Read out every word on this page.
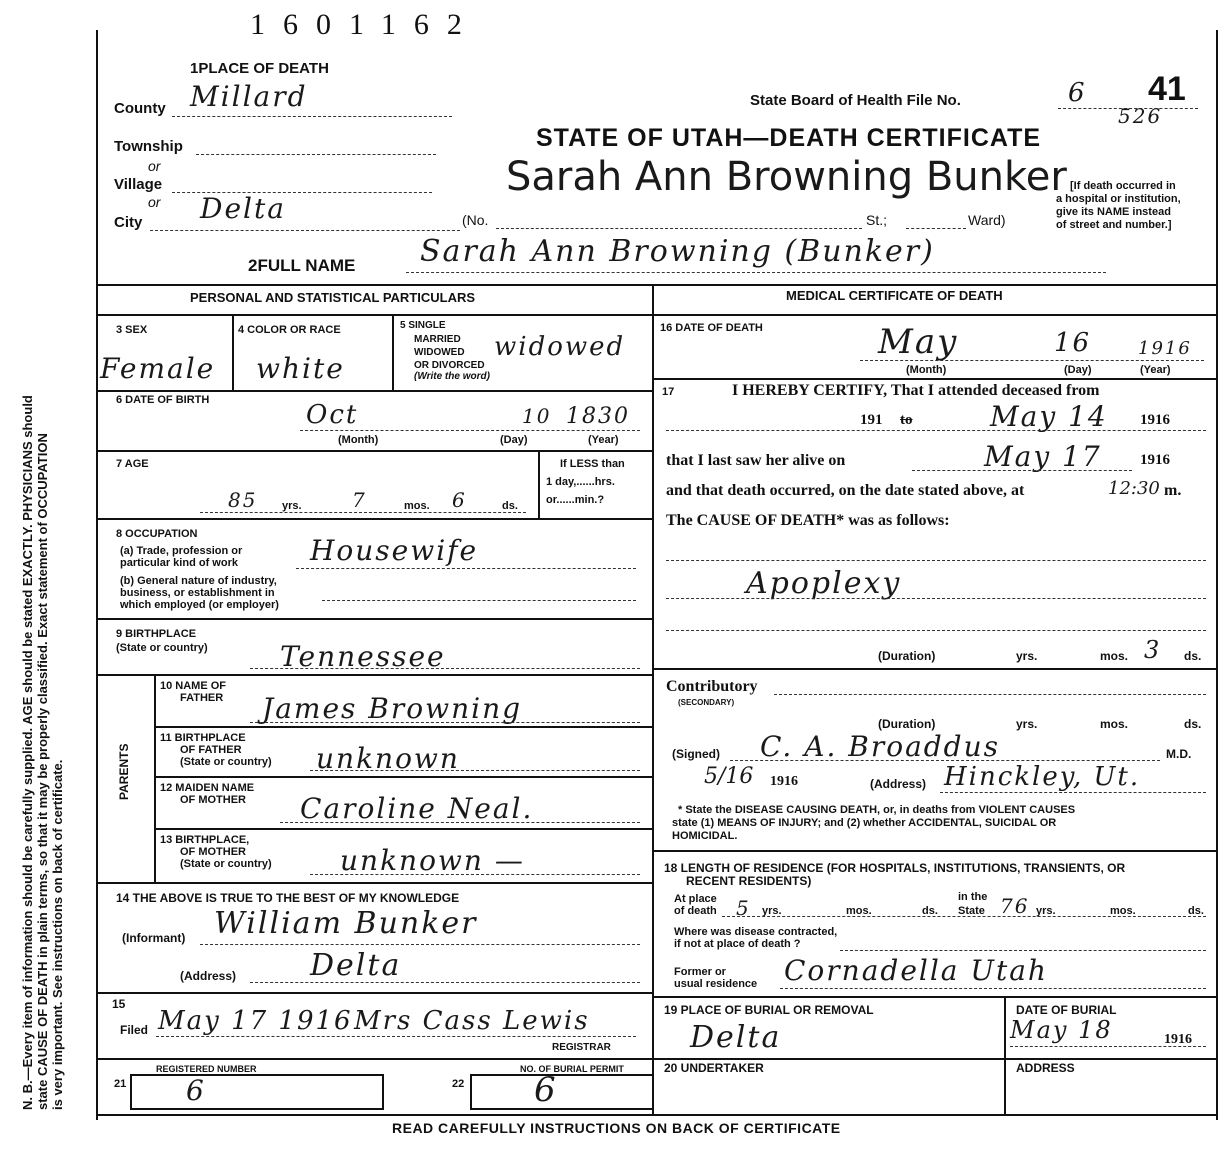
1601162
N. B.—Every item of information should be carefully supplied. AGE should be stated EXACTLY. PHYSICIANS should state CAUSE OF DEATH in plain terms, so that it may be properly classified. Exact statement of OCCUPATION is very important. See instructions on back of certificate.
1PLACE OF DEATH
County Millard
Township
or
Village
or
City Delta	(No.	St.;	Ward)
State Board of Health File No.	6 41
526
STATE OF UTAH—DEATH CERTIFICATE
Sarah Ann Browning Bunker [If death occurred in
a hospital or institution,
give its NAME instead
of street and number.]
2FULL NAME Sarah Ann Browning (Bunker)
PERSONAL AND STATISTICAL PARTICULARS
3 SEX
Female
4 COLOR OR RACE
white
5 SINGLE
MARRIED
WIDOWED
OR DIVORCED
(Write the word)
widowed
6 DATE OF BIRTH	Oct	10 1830
(Month)	(Day)	(Year)
7 AGE
85 yrs.	7	mos. 6	ds.
If LESS than
1 day,......hrs.
or......min.?
8 OCCUPATION
(a) Trade, profession or
particular kind of work
(b) General nature of industry,
business, or establishment in
which employed (or employer)
Housewife
9 BIRTHPLACE
(State or country)	Tennessee
PARENTS
10 NAME OF
FATHER James Browning
11 BIRTHPLACE
OF FATHER
(State or country) unknown
12 MAIDEN NAME
OF MOTHER Caroline Neal.
13 BIRTHPLACE,
OF MOTHER
(State or country) unknown —
14 THE ABOVE IS TRUE TO THE BEST OF MY KNOWLEDGE
(Informant) William Bunker
(Address) Delta
15
Filed May 17 1916 Mrs Cass Lewis
REGISTRAR
REGISTERED NUMBER
21 6
NO. OF BURIAL PERMIT
22 6
MEDICAL CERTIFICATE OF DEATH
16 DATE OF DEATH	May	16	1916
(Month)	(Day)	(Year)
17	I HEREBY CERTIFY, That I attended deceased from
191 to	May 14 1916
that I last saw her alive on	May 17	1916
and that death occurred, on the date stated above, at	12:30 m.
The CAUSE OF DEATH* was as follows:
Apoplexy
(Duration)	yrs.	mos. 3 ds.
Contributory
(SECONDARY)
(Duration)	yrs.	mos.	ds.
(Signed) C. A. Broaddus	M.D.
5/16 1916	(Address) Hinckley, Ut.
* State the DISEASE CAUSING DEATH, or, in deaths from VIOLENT CAUSES
state (1) MEANS OF INJURY; and (2) whether ACCIDENTAL, SUICIDAL OR
HOMICIDAL.
18 LENGTH OF RESIDENCE (FOR HOSPITALS, INSTITUTIONS, TRANSIENTS, OR
RECENT RESIDENTS)
At place
of death 5 yrs.	mos.	ds.
in the
State 76 yrs.	mos.	ds.
Where was disease contracted,
if not at place of death ?
Former or
usual residence Cornadella Utah
19 PLACE OF BURIAL OR REMOVAL
Delta
DATE OF BURIAL
May 18	1916
20 UNDERTAKER	ADDRESS
READ CAREFULLY INSTRUCTIONS ON BACK OF CERTIFICATE
